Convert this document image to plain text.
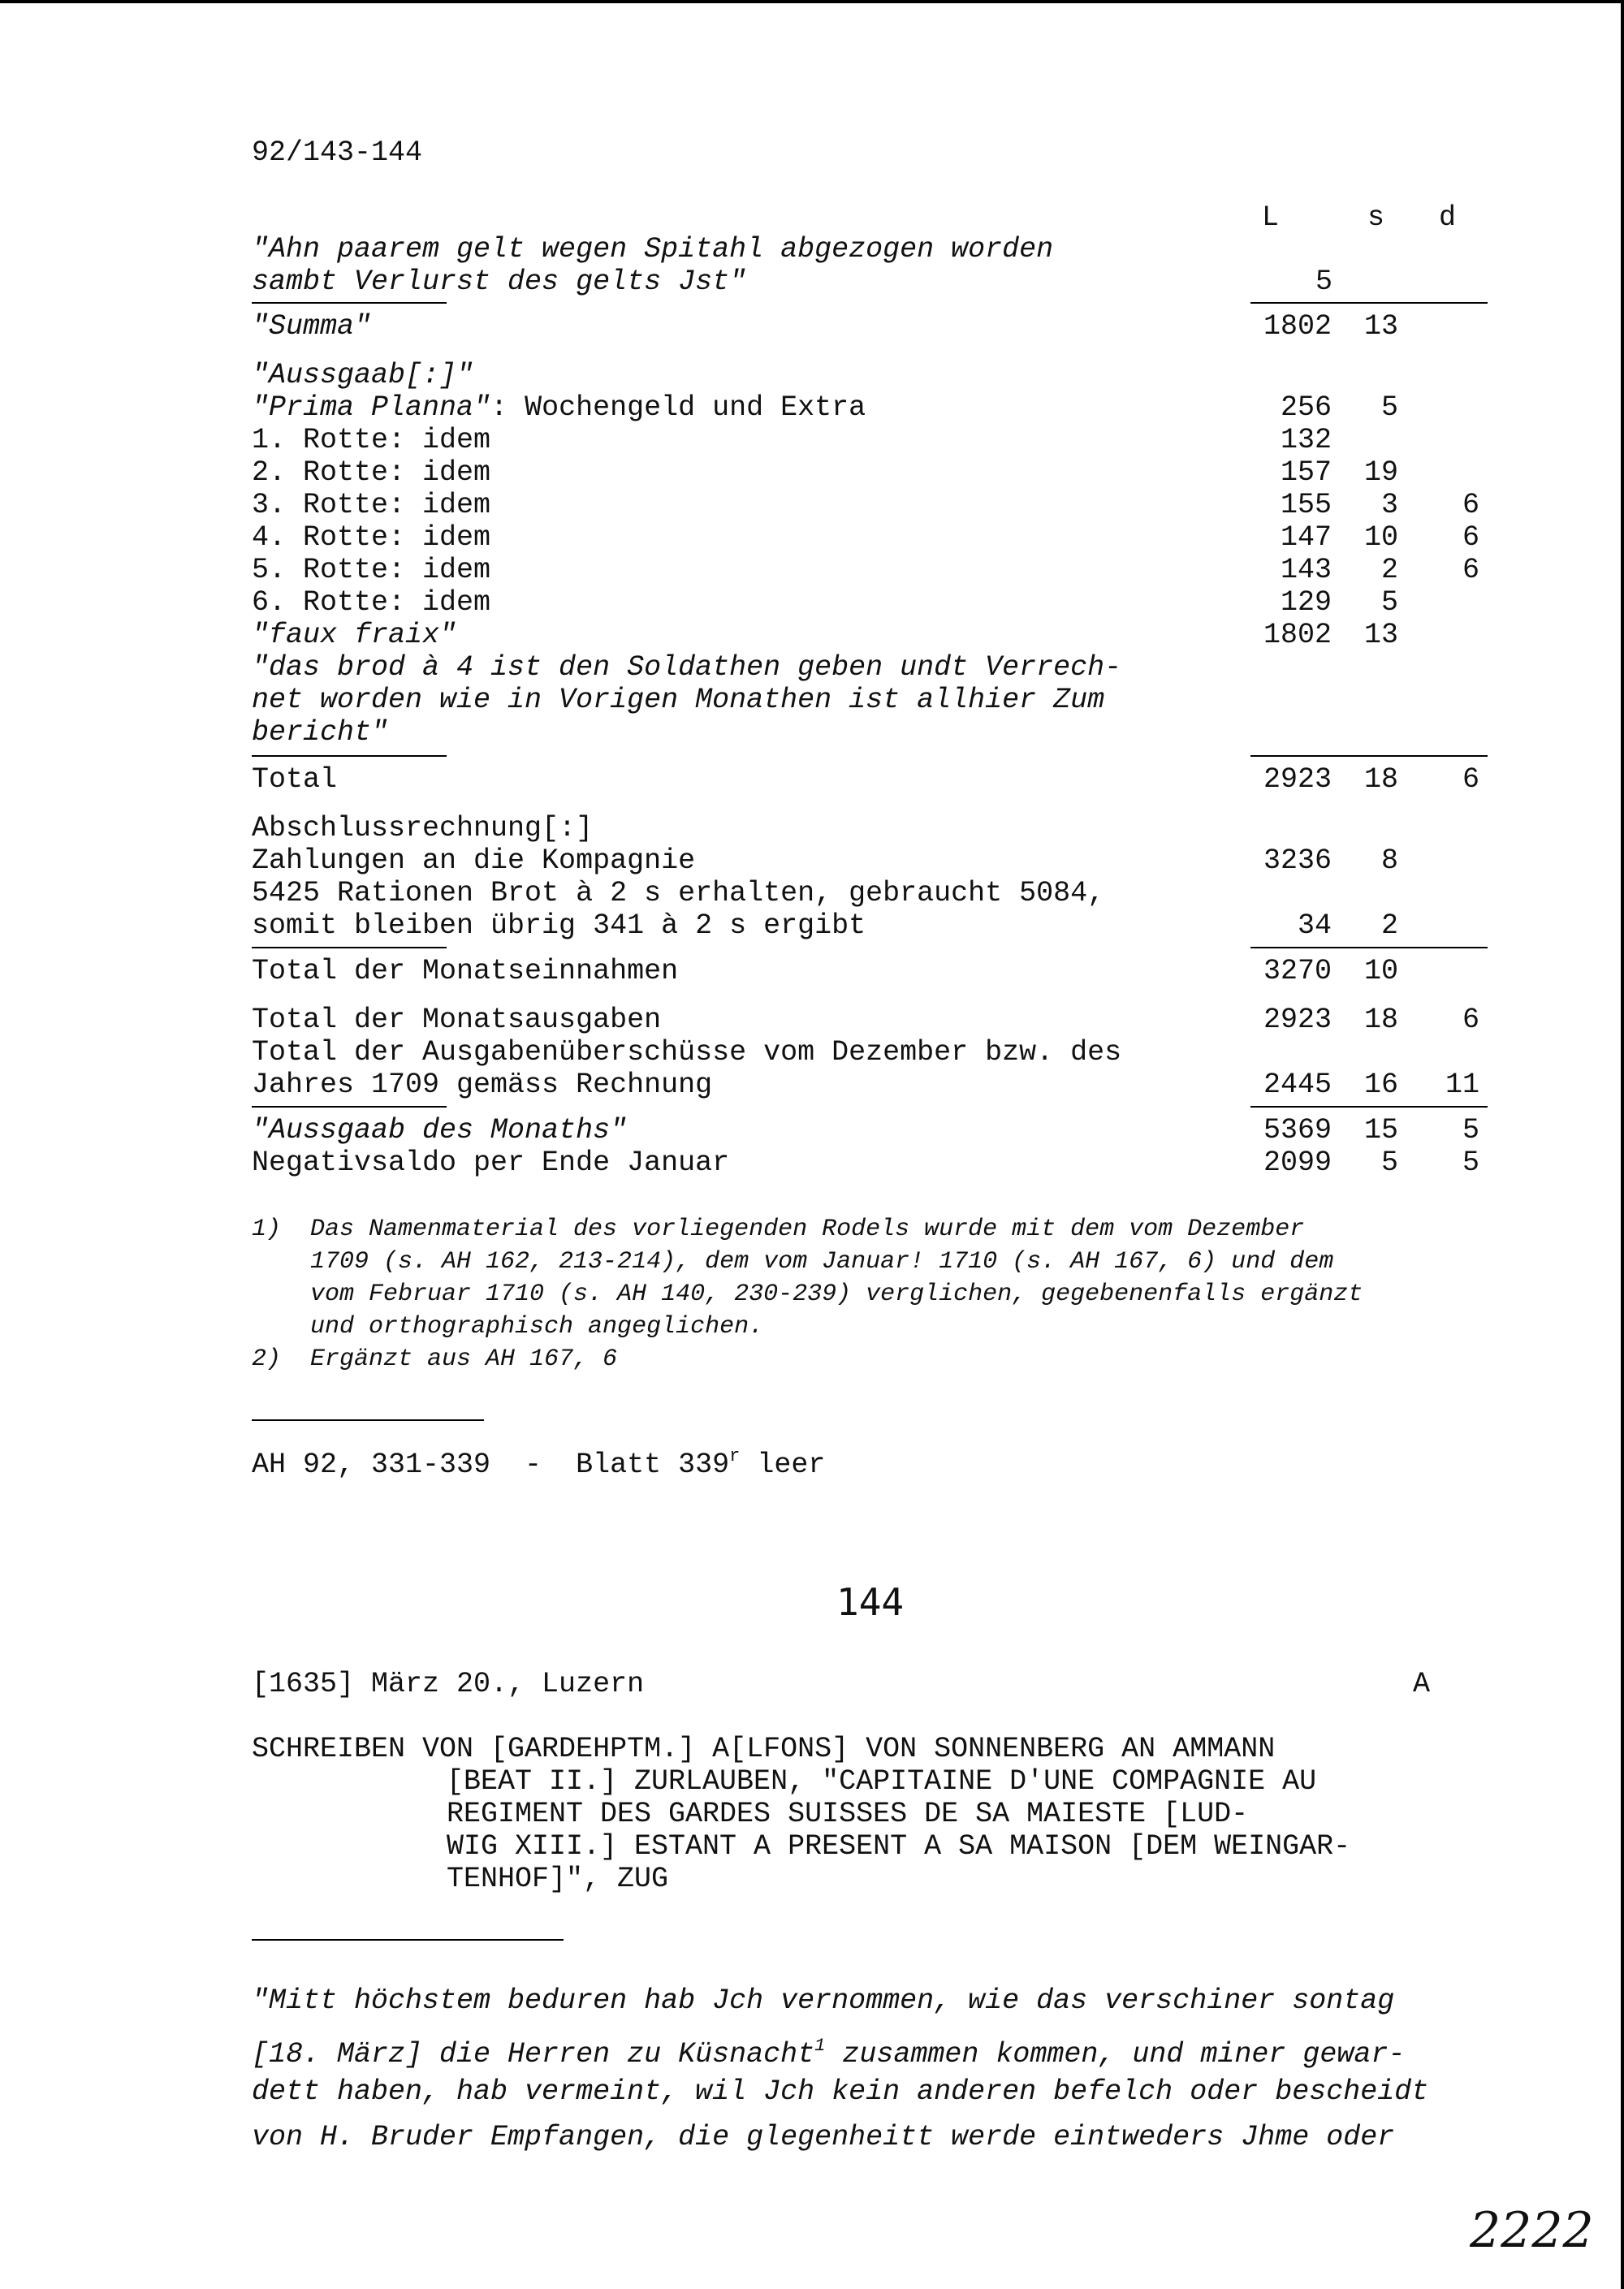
92/143-144
L	s d
"Ahn paarem gelt wegen Spitahl abgezogen worden
sambt Verlurst des gelts Jst"	5
"Summa"	1802 13
"Aussgaab[:]"
"Prima Planna": Wochengeld und Extra	256	5
1. Rotte: idem	132
2. Rotte: idem	157 19
3. Rotte: idem	155	3	6
4. Rotte: idem	147 10	6
5. Rotte: idem	143	2	6
6. Rotte: idem	129	5
"faux fraix"	1802 13
"das brod à 4 ist den Soldathen geben undt Verrech-
net worden wie in Vorigen Monathen ist allhier Zum
bericht"
Total	2923 18	6
Abschlussrechnung[:]
Zahlungen an die Kompagnie	3236	8
5425 Rationen Brot à 2 s erhalten, gebraucht 5084,
somit bleiben übrig 341 à 2 s ergibt	34	2
Total der Monatseinnahmen	3270 10
Total der Monatsausgaben	2923 18	6
Total der Ausgabenüberschüsse vom Dezember bzw. des
Jahres 1709 gemäss Rechnung	2445 16	11
"Aussgaab des Monaths"	5369 15	5
Negativsaldo per Ende Januar	2099	5	5
1) Das Namenmaterial des vorliegenden Rodels wurde mit dem vom Dezember
1709 (s. AH 162, 213-214), dem vom Januar! 1710 (s. AH 167, 6) und dem
vom Februar 1710 (s. AH 140, 230-239) verglichen, gegebenenfalls ergänzt
und orthographisch angeglichen.
2) Ergänzt aus AH 167, 6
AH 92, 331-339  -  Blatt 339$^r$ leer
144
[1635] März 20., Luzern	A
SCHREIBEN VON [GARDEHPTM.] A[LFONS] VON SONNENBERG AN AMMANN
[BEAT II.] ZURLAUBEN, "CAPITAINE D'UNE COMPAGNIE AU
REGIMENT DES GARDES SUISSES DE SA MAIESTE [LUD-
WIG XIII.] ESTANT A PRESENT A SA MAISON [DEM WEINGAR-
TENHOF]", ZUG
"Mitt höchstem beduren hab Jch vernommen, wie das verschiner sontag
[18. März] die Herren zu Küsnacht$^1$ zusammen kommen, und miner gewar-
dett haben, hab vermeint, wil Jch kein anderen befelch oder bescheidt
von H. Bruder Empfangen, die glegenheitt werde eintweders Jhme oder
2222
